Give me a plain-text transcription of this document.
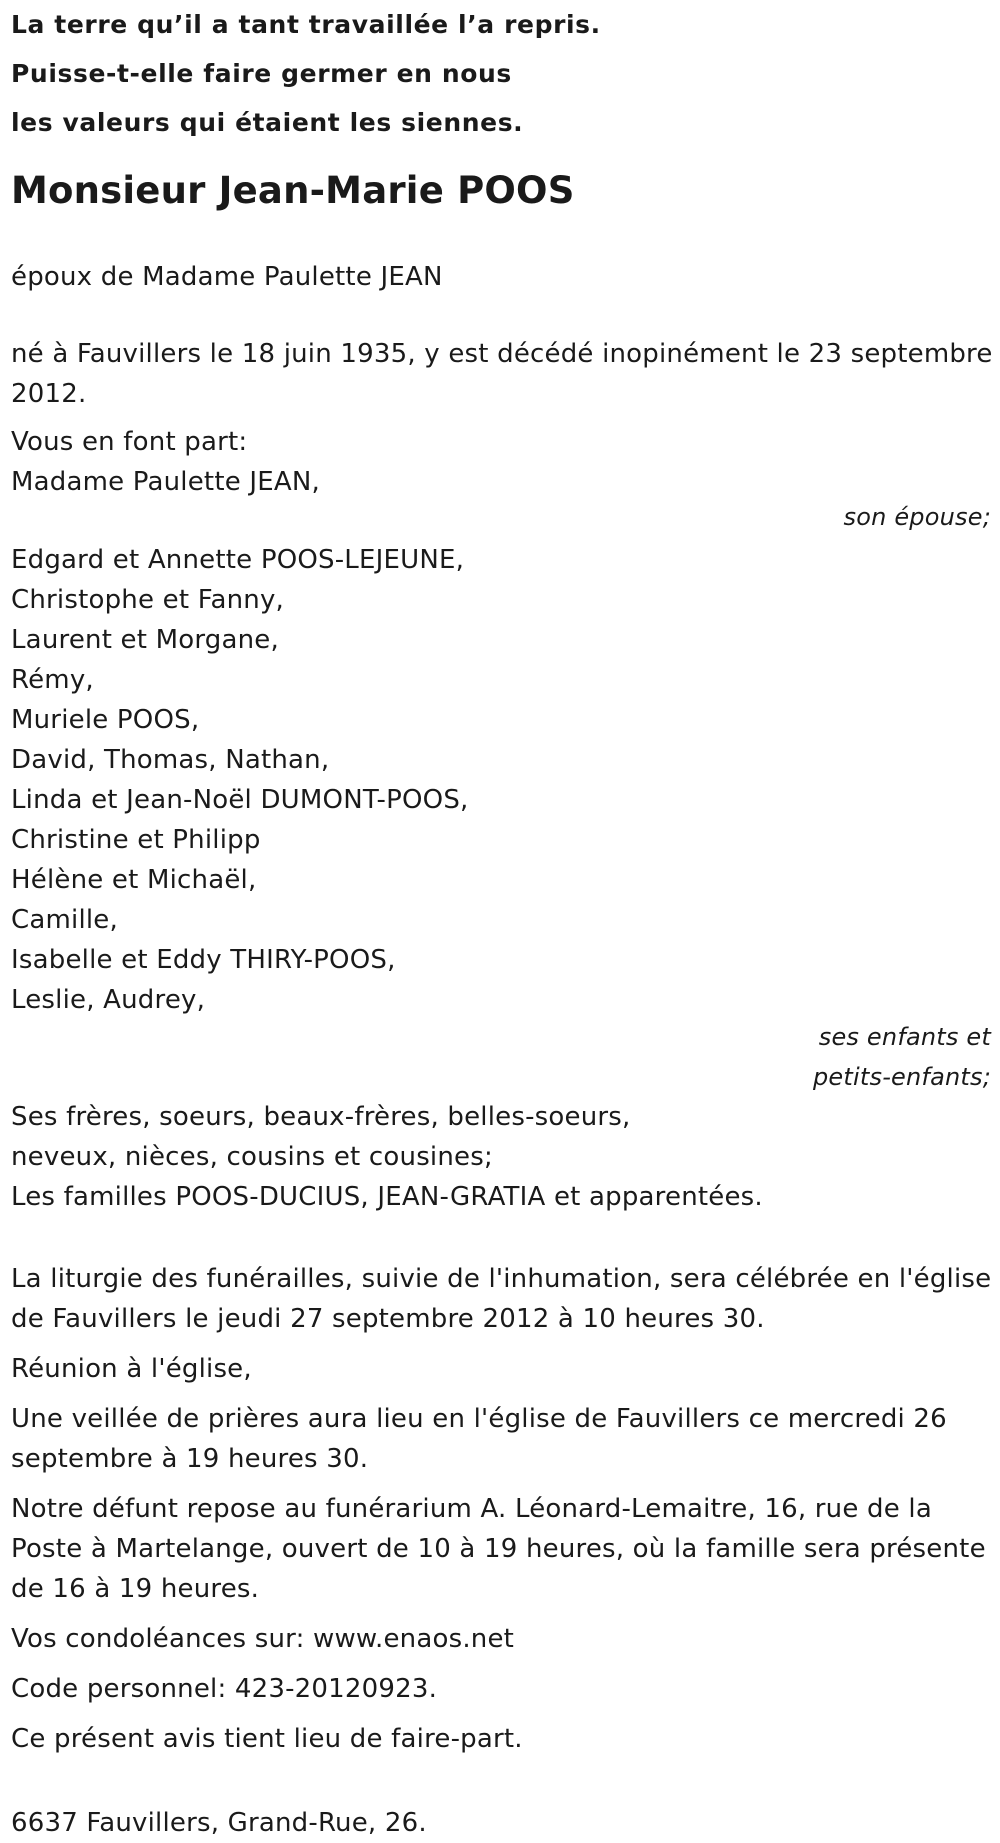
La terre qu’il a tant travaillée l’a repris.
Puisse-t-elle faire germer en nous
les valeurs qui étaient les siennes.
Monsieur Jean-Marie POOS
époux de Madame Paulette JEAN
né à Fauvillers le 18 juin 1935, y est décédé inopinément le 23 septembre 2012.
Vous en font part:
Madame Paulette JEAN,
son épouse;
Edgard et Annette POOS-LEJEUNE,
Christophe et Fanny,
Laurent et Morgane,
Rémy,
Muriele POOS,
David, Thomas, Nathan,
Linda et Jean-Noël DUMONT-POOS,
Christine et Philipp
Hélène et Michaël,
Camille,
Isabelle et Eddy THIRY-POOS,
Leslie, Audrey,
ses enfants et
petits-enfants;
Ses frères, soeurs, beaux-frères, belles-soeurs,
neveux, nièces, cousins et cousines;
Les familles POOS-DUCIUS, JEAN-GRATIA et apparentées.
La liturgie des funérailles, suivie de l'inhumation, sera célébrée en l'église de Fauvillers le jeudi 27 septembre 2012 à 10 heures 30.
Réunion à l'église,
Une veillée de prières aura lieu en l'église de Fauvillers ce mercredi 26 septembre à 19 heures 30.
Notre défunt repose au funérarium A. Léonard-Lemaitre, 16, rue de la Poste à Martelange, ouvert de 10 à 19 heures, où la famille sera présente de 16 à 19 heures.
Vos condoléances sur: www.enaos.net
Code personnel: 423-20120923.
Ce présent avis tient lieu de faire-part.
6637 Fauvillers, Grand-Rue, 26.
